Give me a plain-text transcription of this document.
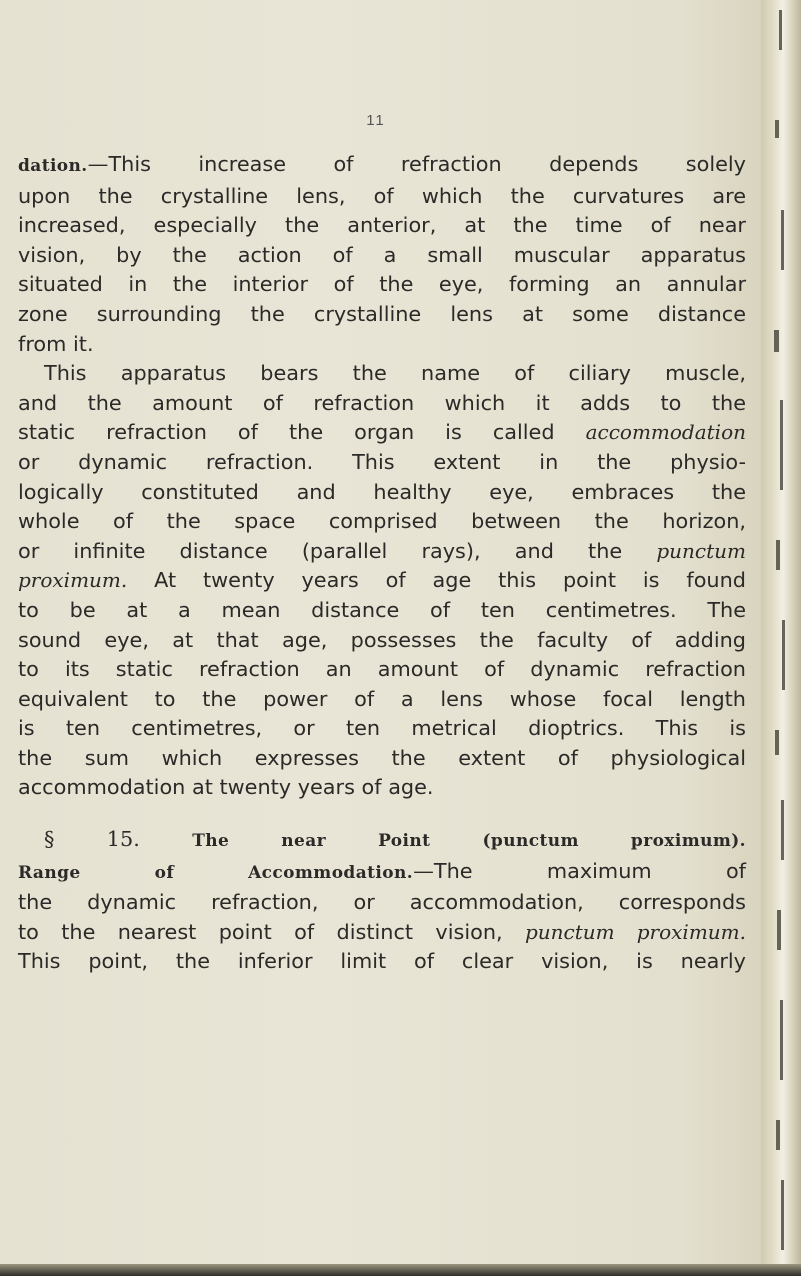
11
dation.—This increase of refraction depends solely
upon the crystalline lens, of which the curvatures are
increased, especially the anterior, at the time of near
vision, by the action of a small muscular apparatus
situated in the interior of the eye, forming an annular
zone surrounding the crystalline lens at some distance
from it.
This apparatus bears the name of ciliary muscle,
and the amount of refraction which it adds to the
static refraction of the organ is called accommodation
or dynamic refraction. This extent in the physio-
logically constituted and healthy eye, embraces the
whole of the space comprised between the horizon,
or infinite distance (parallel rays), and the punctum
proximum. At twenty years of age this point is found
to be at a mean distance of ten centimetres. The
sound eye, at that age, possesses the faculty of adding
to its static refraction an amount of dynamic refraction
equivalent to the power of a lens whose focal length
is ten centimetres, or ten metrical dioptrics. This is
the sum which expresses the extent of physiological
accommodation at twenty years of age.
§ 15.	The near Point (punctum proximum).
Range of Accommodation.—The maximum of
the dynamic refraction, or accommodation, corresponds
to the nearest point of distinct vision, punctum proximum.
This point, the inferior limit of clear vision, is nearly
